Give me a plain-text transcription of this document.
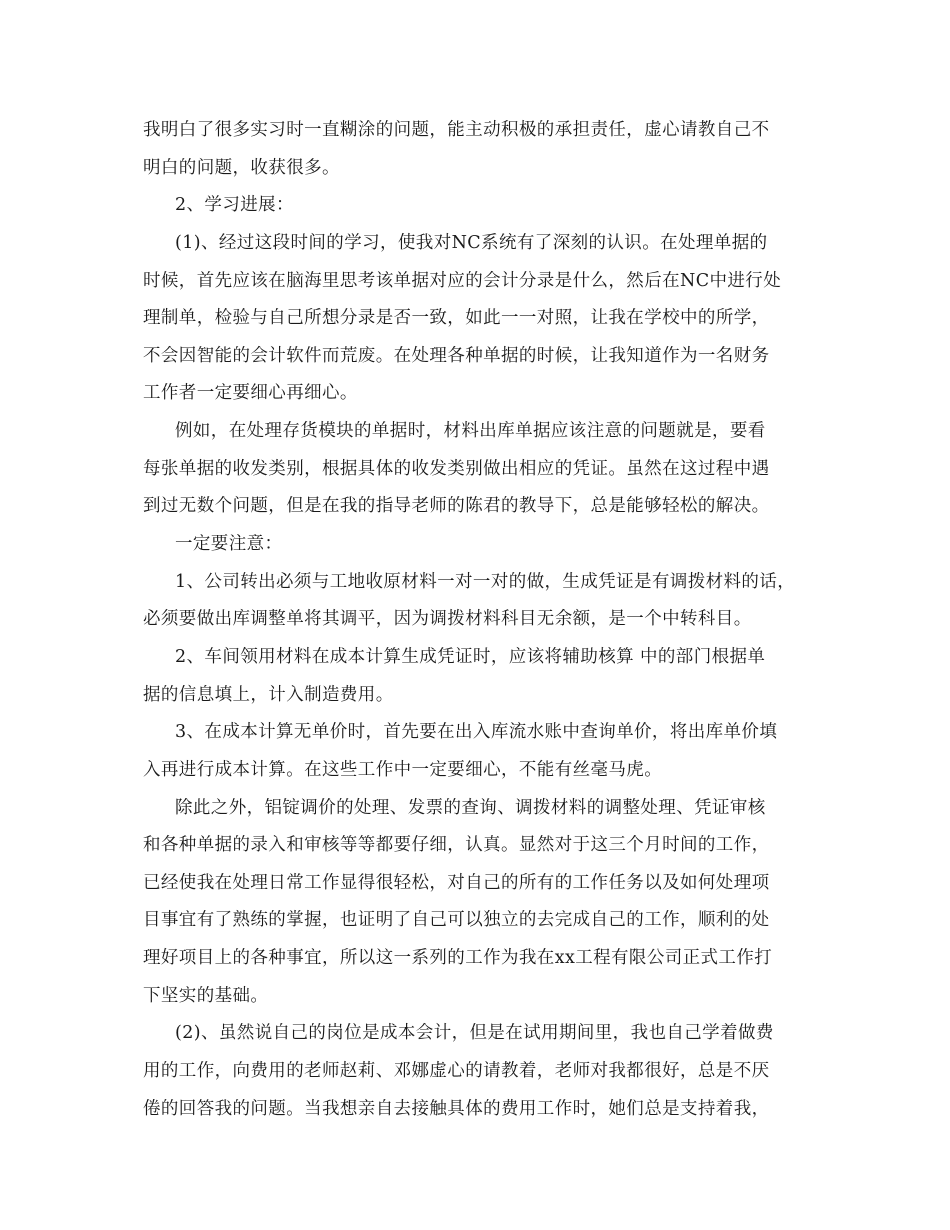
我明白了很多实习时一直糊涂的问题，能主动积极的承担责任，虚心请教自己不
明白的问题，收获很多。
2、学习进展：
(1)、经过这段时间的学习，使我对NC系统有了深刻的认识。在处理单据的
时候，首先应该在脑海里思考该单据对应的会计分录是什么，然后在NC中进行处
理制单，检验与自己所想分录是否一致，如此一一对照，让我在学校中的所学，
不会因智能的会计软件而荒废。在处理各种单据的时候，让我知道作为一名财务
工作者一定要细心再细心。
例如，在处理存货模块的单据时，材料出库单据应该注意的问题就是，要看
每张单据的收发类别，根据具体的收发类别做出相应的凭证。虽然在这过程中遇
到过无数个问题，但是在我的指导老师的陈君的教导下，总是能够轻松的解决。
一定要注意：
1、公司转出必须与工地收原材料一对一对的做，生成凭证是有调拨材料的话，
必须要做出库调整单将其调平，因为调拨材料科目无余额，是一个中转科目。
2、车间领用材料在成本计算生成凭证时，应该将辅助核算 中的部门根据单
据的信息填上，计入制造费用。
3、在成本计算无单价时，首先要在出入库流水账中查询单价，将出库单价填
入再进行成本计算。在这些工作中一定要细心，不能有丝毫马虎。
除此之外，铝锭调价的处理、发票的查询、调拨材料的调整处理、凭证审核
和各种单据的录入和审核等等都要仔细，认真。显然对于这三个月时间的工作，
已经使我在处理日常工作显得很轻松，对自己的所有的工作任务以及如何处理项
目事宜有了熟练的掌握，也证明了自己可以独立的去完成自己的工作，顺利的处
理好项目上的各种事宜，所以这一系列的工作为我在xx工程有限公司正式工作打
下坚实的基础。
(2)、虽然说自己的岗位是成本会计，但是在试用期间里，我也自己学着做费
用的工作，向费用的老师赵莉、邓娜虚心的请教着，老师对我都很好，总是不厌
倦的回答我的问题。当我想亲自去接触具体的费用工作时，她们总是支持着我，
